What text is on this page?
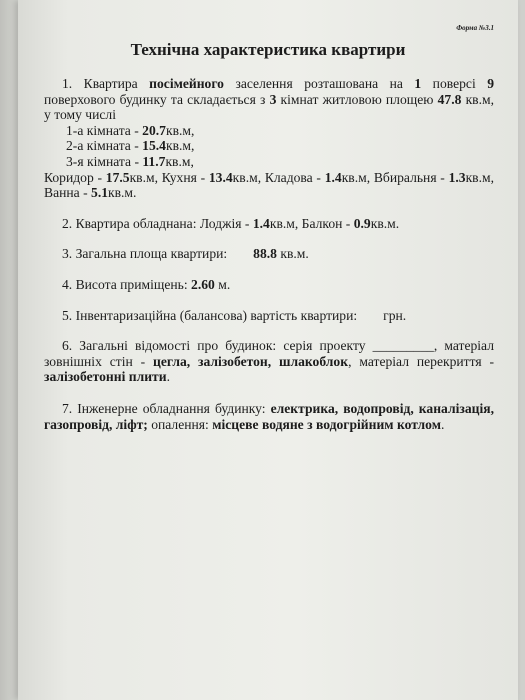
Форма №3.1
Технічна характеристика квартири

1. Квартира посімейного заселення розташована на 1 поверсі 9 поверхового будинку та складається з 3 кімнат житловою площею 47.8 кв.м, у тому числі

1-а кімната - 20.7кв.м,

2-а кімната - 15.4кв.м,

3-я кімната - 11.7кв.м,

Коридор - 17.5кв.м, Кухня - 13.4кв.м, Кладова - 1.4кв.м, Вбиральня - 1.3кв.м, Ванна - 5.1кв.м.

2. Квартира обладнана: Лоджія - 1.4кв.м, Балкон - 0.9кв.м.

3. Загальна площа квартири: 88.8 кв.м.

4. Висота приміщень: 2.60 м.

5. Інвентаризаційна (балансова) вартість квартири: грн.

6. Загальні відомості про будинок: серія проекту _________, матеріал зовнішніх стін - цегла, залізобетон, шлакоблок, матеріал перекриття - залізобетонні плити.

7. Інженерне обладнання будинку: електрика, водопровід, каналізація, газопровід, ліфт; опалення: місцеве водяне з водогрійним котлом.
